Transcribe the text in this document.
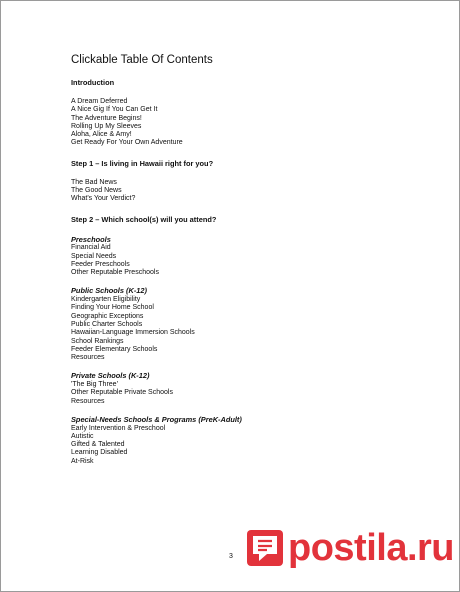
Clickable Table Of Contents
Introduction
A Dream Deferred
A Nice Gig If You Can Get It
The Adventure Begins!
Rolling Up My Sleeves
Aloha, Alice & Amy!
Get Ready For Your Own Adventure
Step 1 – Is living in Hawaii right for you?
The Bad News
The Good News
What's Your Verdict?
Step 2 – Which school(s) will you attend?
Preschools
Financial Aid
Special Needs
Feeder Preschools
Other Reputable Preschools
Public Schools (K-12)
Kindergarten Eligibility
Finding Your Home School
Geographic Exceptions
Public Charter Schools
Hawaiian-Language Immersion Schools
School Rankings
Feeder Elementary Schools
Resources
Private Schools (K-12)
'The Big Three'
Other Reputable Private Schools
Resources
Special-Needs Schools & Programs (PreK-Adult)
Early Intervention & Preschool
Autistic
Gifted & Talented
Learning Disabled
At-Risk
3 postila.ru
